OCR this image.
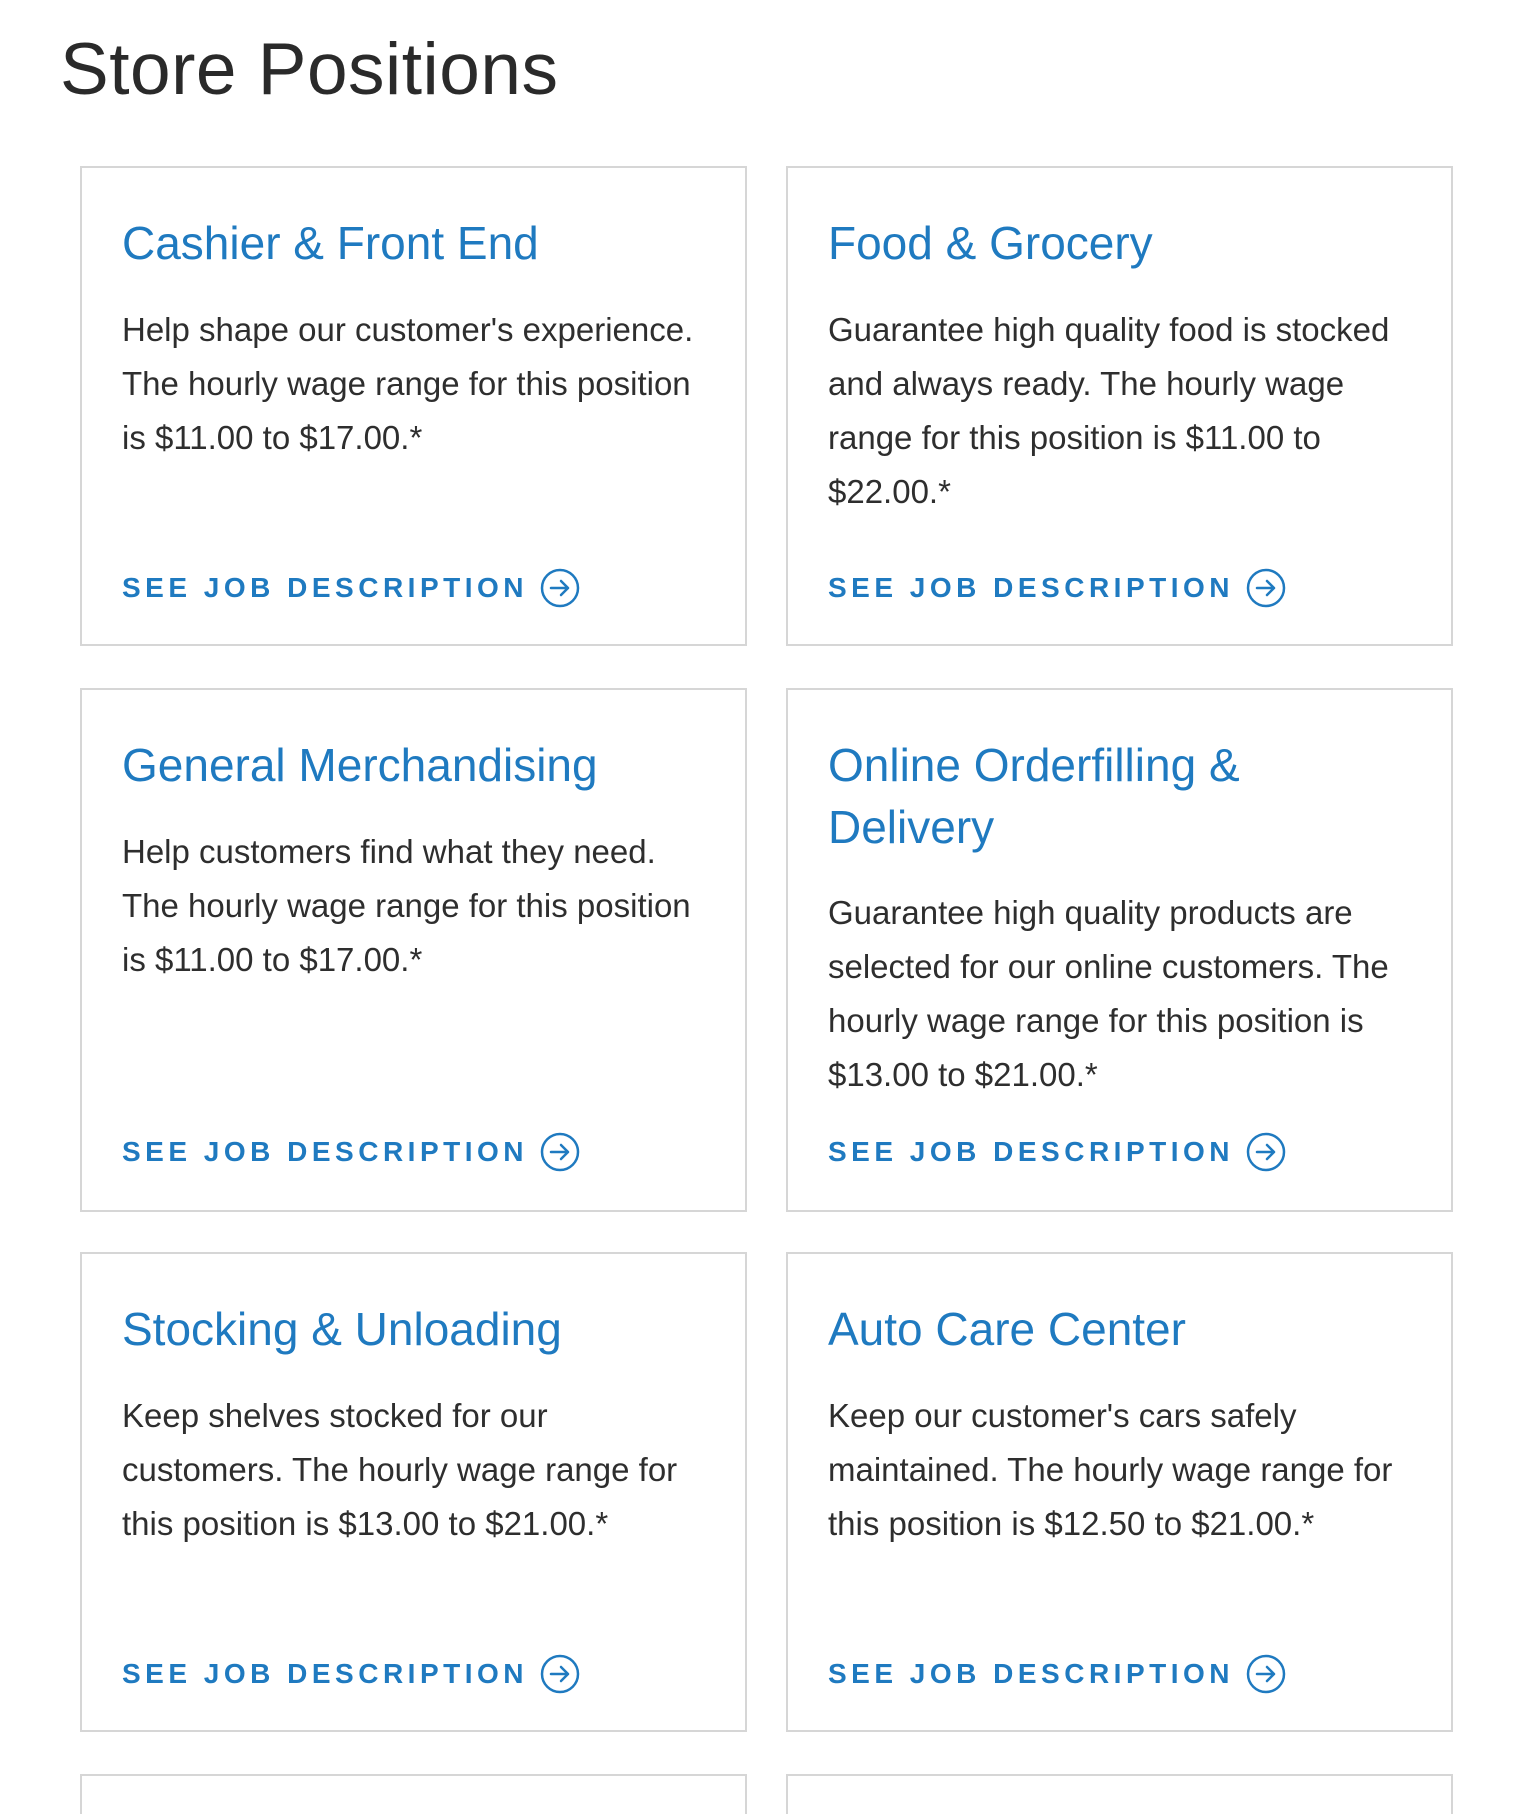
Store Positions
Cashier & Front End

Help shape our customer's experience. The hourly wage range for this position is $11.00 to $17.00.*

SEE JOB DESCRIPTION
Food & Grocery

Guarantee high quality food is stocked and always ready. The hourly wage range for this position is $11.00 to $22.00.*

SEE JOB DESCRIPTION
General Merchandising

Help customers find what they need. The hourly wage range for this position is $11.00 to $17.00.*

SEE JOB DESCRIPTION
Online Orderfilling & Delivery

Guarantee high quality products are selected for our online customers. The hourly wage range for this position is $13.00 to $21.00.*

SEE JOB DESCRIPTION
Stocking & Unloading

Keep shelves stocked for our customers. The hourly wage range for this position is $13.00 to $21.00.*

SEE JOB DESCRIPTION
Auto Care Center

Keep our customer's cars safely maintained. The hourly wage range for this position is $12.50 to $21.00.*

SEE JOB DESCRIPTION
